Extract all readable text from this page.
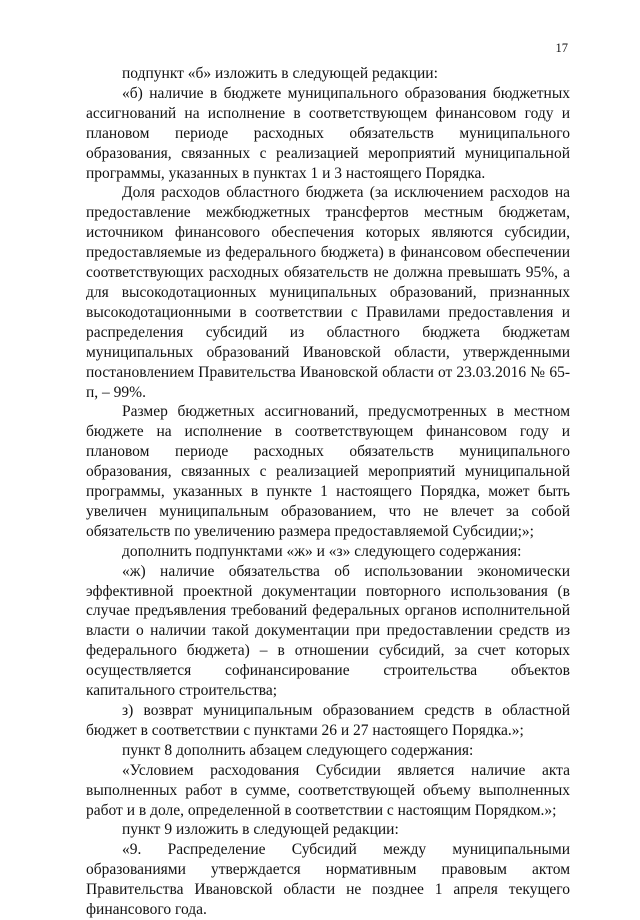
17

подпункт «б» изложить в следующей редакции:

«б) наличие в бюджете муниципального образования бюджетных ассигнований на исполнение в соответствующем финансовом году и плановом периоде расходных обязательств муниципального образования, связанных с реализацией мероприятий муниципальной программы, указанных в пунктах 1 и 3 настоящего Порядка.

Доля расходов областного бюджета (за исключением расходов на предоставление межбюджетных трансфертов местным бюджетам, источником финансового обеспечения которых являются субсидии, предоставляемые из федерального бюджета) в финансовом обеспечении соответствующих расходных обязательств не должна превышать 95%, а для высокодотационных муниципальных образований, признанных высокодотационными в соответствии с Правилами предоставления и распределения субсидий из областного бюджета бюджетам муниципальных образований Ивановской области, утвержденными постановлением Правительства Ивановской области от 23.03.2016 № 65-п, – 99%.

Размер бюджетных ассигнований, предусмотренных в местном бюджете на исполнение в соответствующем финансовом году и плановом периоде расходных обязательств муниципального образования, связанных с реализацией мероприятий муниципальной программы, указанных в пункте 1 настоящего Порядка, может быть увеличен муниципальным образованием, что не влечет за собой обязательств по увеличению размера предоставляемой Субсидии;»;

дополнить подпунктами «ж» и «з» следующего содержания:

«ж) наличие обязательства об использовании экономически эффективной проектной документации повторного использования (в случае предъявления требований федеральных органов исполнительной власти о наличии такой документации при предоставлении средств из федерального бюджета) – в отношении субсидий, за счет которых осуществляется софинансирование строительства объектов капитального строительства;

з) возврат муниципальным образованием средств в областной бюджет в соответствии с пунктами 26 и 27 настоящего Порядка.»;

пункт 8 дополнить абзацем следующего содержания:

«Условием расходования Субсидии является наличие акта выполненных работ в сумме, соответствующей объему выполненных работ и в доле, определенной в соответствии с настоящим Порядком.»;

пункт 9 изложить в следующей редакции:

«9. Распределение Субсидий между муниципальными образованиями утверждается нормативным правовым актом Правительства Ивановской области не позднее 1 апреля текущего финансового года.
